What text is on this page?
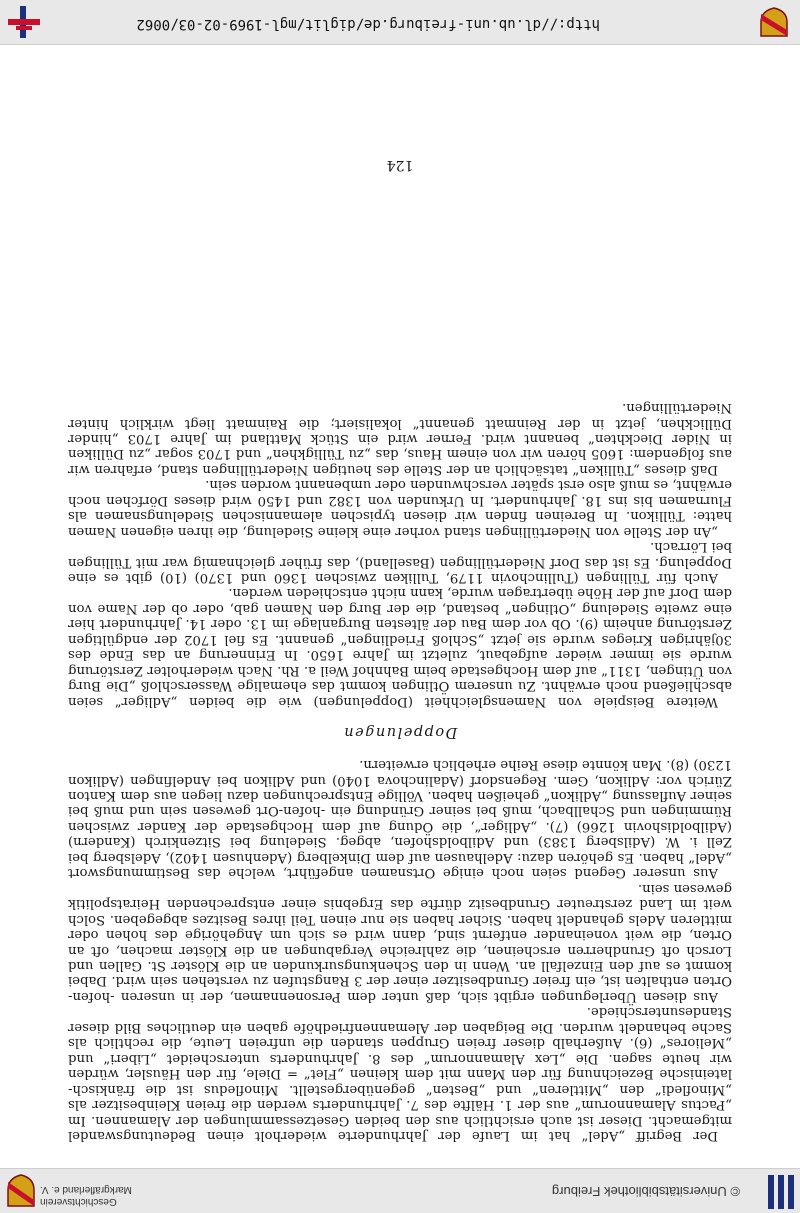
© Universitätsbibliothek Freiburg
Geschichtsverein
Markgräflerland e. V.

Der Begriff „Adel“ hat im Laufe der Jahrhunderte wiederholt einen Bedeutungswandel mitgemacht. Dieser ist auch ersichtlich aus den beiden Gesetzessammlungen der Alamannen. Im „Pactus Alamannorum“ aus der 1. Hälfte des 7. Jahrhunderts werden die freien Kleinbesitzer als „Minofledi“ den „Mittleren“ und „Besten“ gegenübergestellt. Minofledus ist die fränkisch-lateinische Bezeichnung für den Mann mit dem kleinen „Flet“ = Diele, für den Häusler, würden wir heute sagen. Die „Lex Alamannorum“ des 8. Jahrhunderts unterscheidet „Liberi“ und „Meliores“ (6). Außerhalb dieser freien Gruppen standen die unfreien Leute, die rechtlich als Sache behandelt wurden. Die Beigaben der Alemannenfriedhöfe gaben ein deutliches Bild dieser Standesunterschiede.

Aus diesen Überlegungen ergibt sich, daß unter dem Personennamen, der in unseren -hofen-Orten enthalten ist, ein freier Grundbesitzer einer der 3 Rangstufen zu verstehen sein wird. Dabei kommt es auf den Einzelfall an. Wenn in den Schenkungsurkunden an die Klöster St. Gallen und Lorsch oft Grundherren erscheinen, die zahlreiche Vergabungen an die Klöster machen, oft an Orten, die weit voneinander entfernt sind, dann wird es sich um Angehörige des hohen oder mittleren Adels gehandelt haben. Sicher haben sie nur einen Teil ihres Besitzes abgegeben. Solch weit im Land zerstreuter Grundbesitz dürfte das Ergebnis einer entsprechenden Heiratspolitik gewesen sein.

Aus unserer Gegend seien noch einige Ortsnamen angeführt, welche das Bestimmungswort „Adel“ haben. Es gehören dazu: Adelhausen auf dem Dinkelberg (Adenhusen 1402), Adelsberg bei Zell i. W. (Adilsberg 1383) und Adilboldshofen, abgeg. Siedelung bei Sitzenkirch (Kandern) (Adilboldishovin 1266) (7). „Adliger“, die Ödung auf dem Hochgestade der Kander zwischen Rümmingen und Schallbach, muß bei seiner Gründung ein -hofen-Ort gewesen sein und muß bei seiner Auflassung „Adlikon“ geheißen haben. Völlige Entsprechungen dazu liegen aus dem Kanton Zürich vor: Adlikon, Gem. Regensdorf (Adalinchova 1040) und Adlikon bei Andelfingen (Adlikon 1230) (8). Man könnte diese Reihe erheblich erweitern.

Doppelungen

Weitere Beispiele von Namensgleichheit (Doppelungen) wie die beiden „Adliger“ seien abschließend noch erwähnt. Zu unserem Ötlingen kommt das ehemalige Wasserschloß „Die Burg von Ütingen, 1311“ auf dem Hochgestade beim Bahnhof Weil a. Rh. Nach wiederholter Zerstörung wurde sie immer wieder aufgebaut, zuletzt im Jahre 1650. In Erinnerung an das Ende des 30jährigen Krieges wurde sie jetzt „Schloß Friedlingen“ genannt. Es fiel 1702 der endgültigen Zerstörung anheim (9). Ob vor dem Bau der ältesten Burganlage im 13. oder 14. Jahrhundert hier eine zweite Siedelung „Otlingen“ bestand, die der Burg den Namen gab, oder ob der Name von dem Dorf auf der Höhe übertragen wurde, kann nicht entschieden werden.

Auch für Tüllingen (Tullinchovin 1179, Tulliken zwischen 1360 und 1370) (10) gibt es eine Doppelung. Es ist das Dorf Niedertüllingen (Baselland), das früher gleichnamig war mit Tüllingen bei Lörrach.

„An der Stelle von Niedertüllingen stand vorher eine kleine Siedelung, die ihren eigenen Namen hatte: Tüllikon. In Bereinen finden wir diesen typischen alemannischen Siedelungsnamen als Flurnamen bis ins 18. Jahrhundert. In Urkunden von 1382 und 1450 wird dieses Dörfchen noch erwähnt, es muß also erst später verschwunden oder umbenannt worden sein.

Daß dieses „Tülliken“ tatsächlich an der Stelle des heutigen Niedertüllingen stand, erfahren wir aus folgendem: 1605 hören wir von einem Haus, das „zu Tülligkhen“ und 1703 sogar „zu Dülliken in Nider Dieckhten“ benannt wird. Ferner wird ein Stück Mattland im Jahre 1703 „hinder Düllickhen, jetzt in der Reinmatt genannt“ lokalisiert; die Rainmatt liegt wirklich hinter Niedertüllingen.

124
http://dl.ub.uni-freiburg.de/diglit/mgl-1969-02-03/0062
